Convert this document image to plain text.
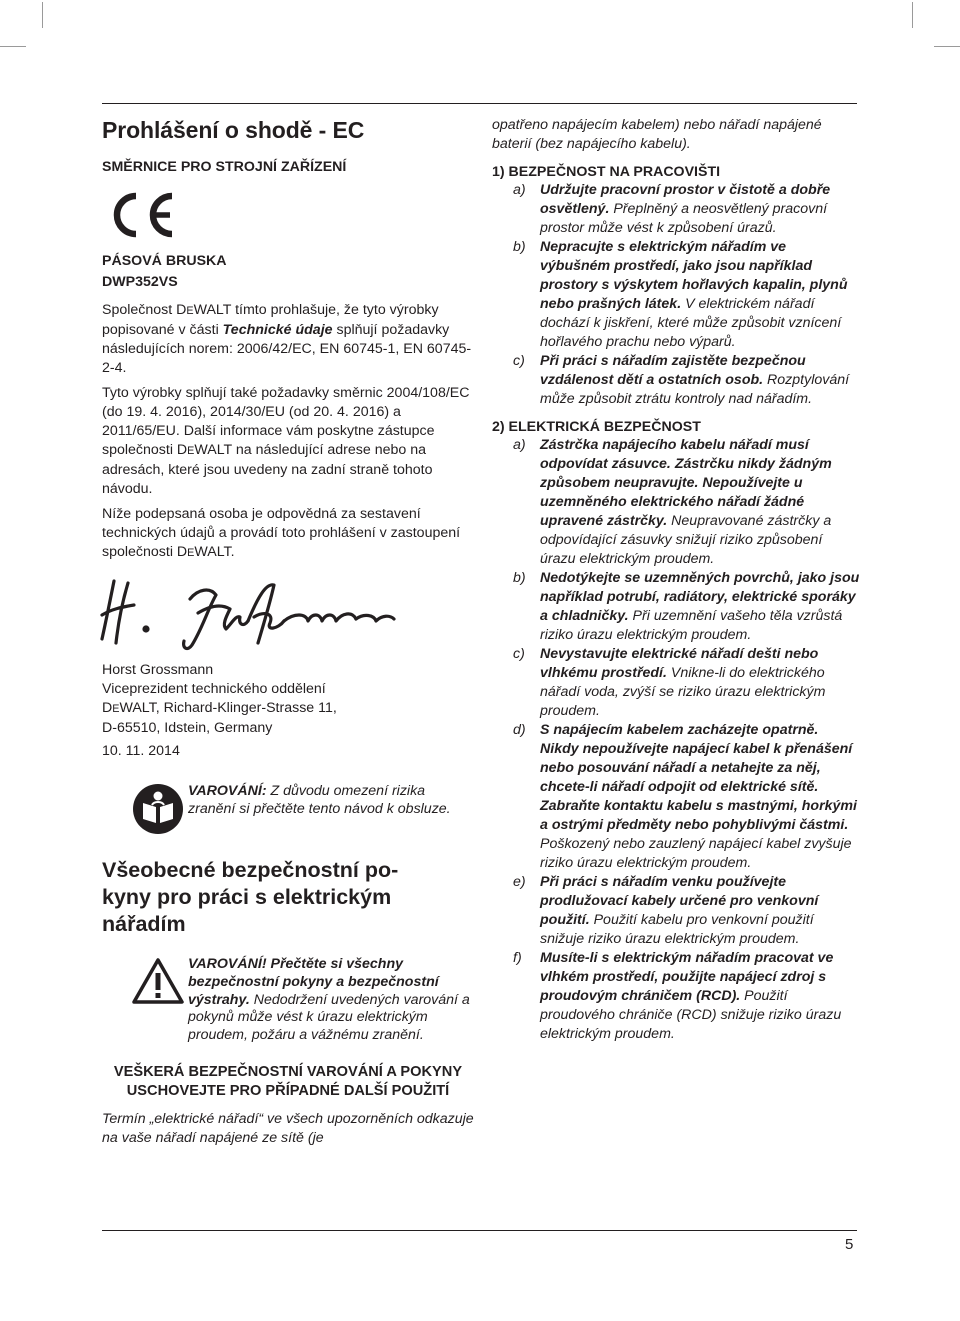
Prohlášení o shodě - EC

SMĚRNICE PRO STROJNÍ ZAŘÍZENÍ

PÁSOVÁ BRUSKA

DWP352VS

Společnost DEWALT tímto prohlašuje, že tyto výrobky popisované v části Technické údaje splňují požadavky následujících norem: 2006/42/EC, EN 60745-1, EN 60745-2-4.

Tyto výrobky splňují také požadavky směrnic 2004/108/EC (do 19. 4. 2016), 2014/30/EU (od 20. 4. 2016) a 2011/65/EU. Další informace vám poskytne zástupce společnosti DEWALT na následující adrese nebo na adresách, které jsou uvedeny na zadní straně tohoto návodu.

Níže podepsaná osoba je odpovědná za sestavení technických údajů a provádí toto prohlášení v zastoupení společnosti DEWALT.

Horst Grossmann

Viceprezident technického oddělení

DEWALT, Richard-Klinger-Strasse 11,

D-65510, Idstein, Germany

10. 11. 2014

VAROVÁNÍ: Z důvodu omezení rizika zranění si přečtěte tento návod k obsluze.
Všeobecné bezpečnostní po-
kyny pro práci s elektrickým nářadím
VAROVÁNÍ! Přečtěte si všechny bezpečnostní pokyny a bezpečnostní výstrahy. Nedodržení uvedených varování a pokynů může vést k úrazu elektrickým proudem, požáru a vážnému zranění.

VEŠKERÁ BEZPEČNOSTNÍ VAROVÁNÍ A POKYNY USCHOVEJTE PRO PŘÍPADNÉ DALŠÍ POUŽITÍ

Termín „elektrické nářadí“ ve všech upozorněních odkazuje na vaše nářadí napájené ze sítě (je

opatřeno napájecím kabelem) nebo nářadí napájené baterií (bez napájecího kabelu).

1) BEZPEČNOST NA PRACOVIŠTI

a)	Udržujte pracovní prostor v čistotě a dobře osvětlený. Přeplněný a neosvětlený pracovní prostor může vést k způsobení úrazů.
b)	Nepracujte s elektrickým nářadím ve výbušném prostředí, jako jsou například prostory s výskytem hořlavých kapalin, plynů nebo prašných látek. V elektrickém nářadí dochází k jiskření, které může způsobit vznícení hořlavého prachu nebo výparů.
c)	Při práci s nářadím zajistěte bezpečnou vzdálenost dětí a ostatních osob. Rozptylování může způsobit ztrátu kontroly nad nářadím.

2) ELEKTRICKÁ BEZPEČNOST

a)	Zástrčka napájecího kabelu nářadí musí odpovídat zásuvce. Zástrčku nikdy žádným způsobem neupravujte. Nepoužívejte u uzemněného elektrického nářadí žádné upravené zástrčky. Neupravované zástrčky a odpovídající zásuvky snižují riziko způsobení úrazu elektrickým proudem.
b)	Nedotýkejte se uzemněných povrchů, jako jsou například potrubí, radiátory, elektrické sporáky a chladničky. Při uzemnění vašeho těla vzrůstá riziko úrazu elektrickým proudem.
c)	Nevystavujte elektrické nářadí dešti nebo vlhkému prostředí. Vnikne-li do elektrického nářadí voda, zvýší se riziko úrazu elektrickým proudem.
d)	S napájecím kabelem zacházejte opatrně. Nikdy nepoužívejte napájecí kabel k přenášení nebo posouvání nářadí a netahejte za něj, chcete-li nářadí odpojit od elektrické sítě. Zabraňte kontaktu kabelu s mastnými, horkými a ostrými předměty nebo pohyblivými částmi. Poškozený nebo zauzlený napájecí kabel zvyšuje riziko úrazu elektrickým proudem.
e)	Při práci s nářadím venku používejte prodlužovací kabely určené pro venkovní použití. Použití kabelu pro venkovní použití snižuje riziko úrazu elektrickým proudem.
f)	Musíte-li s elektrickým nářadím pracovat ve vlhkém prostředí, použijte napájecí zdroj s proudovým chráničem (RCD). Použití proudového chrániče (RCD) snižuje riziko úrazu elektrickým proudem.
5
